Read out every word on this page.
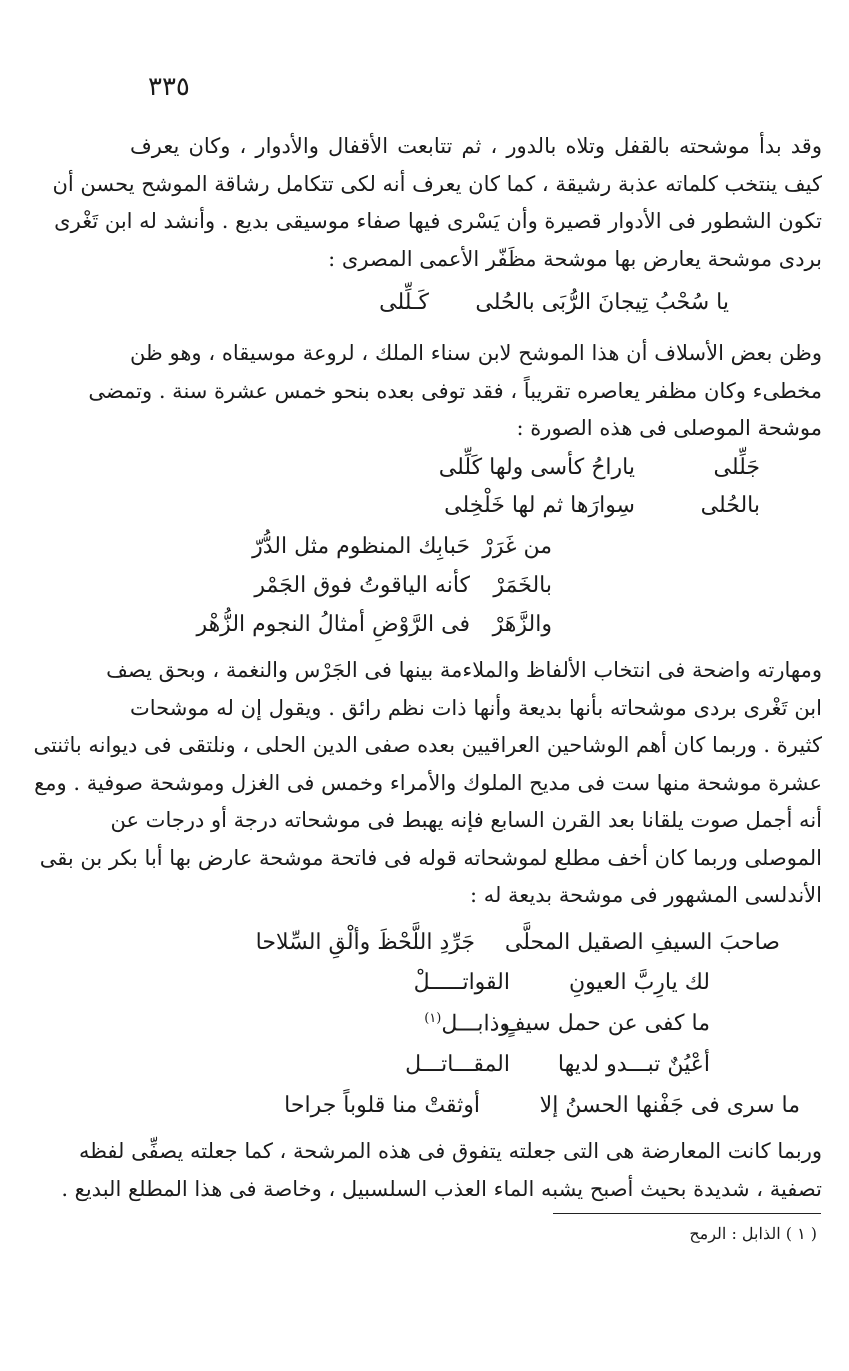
٣٣٥
وقد بدأ موشحته بالقفل وتلاه بالدور ، ثم تتابعت الأقفال والأدوار ، وكان يعرف
كيف ينتخب كلماته عذبة رشيقة ، كما كان يعرف أنه لكى تتكامل رشاقة الموشح يحسن أن
تكون الشطور فى الأدوار قصيرة وأن يَسْرى فيها صفاء موسيقى بديع . وأنشد له ابن تَغْرى
بردى موشحة يعارض بها موشحة مظَفّر الأعمى المصرى :
كَـلِّلى يا سُحْبُ تِيجانَ الرُّبَى بالحُلى
وظن بعض الأسلاف أن هذا الموشح لابن سناء الملك ، لروعة موسيقاه ، وهو ظن
مخطىء وكان مظفر يعاصره تقريباً ، فقد توفى بعده بنحو خمس عشرة سنة . وتمضى
موشحة الموصلى فى هذه الصورة :
جَلِّلى
ياراحُ كأسى ولها كَلِّلى
بالحُلى
سِوارَها ثم لها خَلْخِلى
من غَرَرْ
حَبابِك المنظوم مثل الدُّرّ
بالخَمَرْ
كأنه الياقوتُ فوق الجَمْر
والزَّهَرْ
فى الرَّوْضِ أمثالُ النجوم الزُّهْر
ومهارته واضحة فى انتخاب الألفاظ والملاءمة بينها فى الجَرْس والنغمة ، وبحق يصف
ابن تَغْرى بردى موشحاته بأنها بديعة وأنها ذات نظم رائق . ويقول إن له موشحات
كثيرة . وربما كان أهم الوشاحين العراقيين بعده صفى الدين الحلى ، ونلتقى فى ديوانه باثنتى
عشرة موشحة منها ست فى مديح الملوك والأمراء وخمس فى الغزل وموشحة صوفية . ومع
أنه أجمل صوت يلقانا بعد القرن السابع فإنه يهبط فى موشحاته درجة أو درجات عن
الموصلى وربما كان أخف مطلع لموشحاته قوله فى فاتحة موشحة عارض بها أبا بكر بن بقى
الأندلسى المشهور فى موشحة بديعة له :
صاحبَ السيفِ الصقيل المحلَّى
جَرِّدِ اللَّحْظَ وألْقِ السِّلاحا
لك يارِبَّ العيونِ
القواتـــــلْ
ما كفى عن حمل سيفٍ
وذابـــل$^{(١)}$
أعْيُنٌ تبـــدو لديها
المقـــاتـــل
ما سرى فى جَفْنها الحسنُ إلا
أوثقتْ منا قلوباً جراحا
وربما كانت المعارضة هى التى جعلته يتفوق فى هذه المرشحة ، كما جعلته يصفِّى لفظه
تصفية ، شديدة بحيث أصبح يشبه الماء العذب السلسبيل ، وخاصة فى هذا المطلع البديع .
( ١ ) الذابل : الرمح
